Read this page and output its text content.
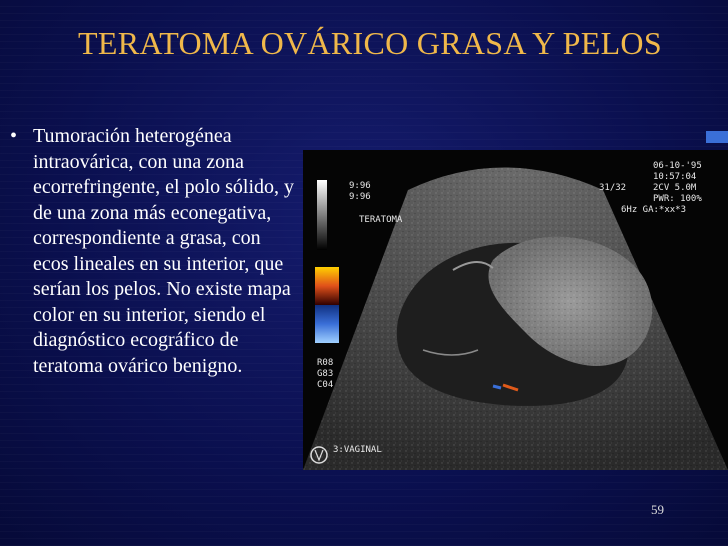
TERATOMA OVÁRICO GRASA Y PELOS
• Tumoración heterogénea intraovárica, con una zona ecorrefringente, el polo sólido, y de una zona más econegativa, correspondiente a grasa, con ecos lineales en su interior, que serían los pelos. No existe mapa color en su interior, siendo el diagnóstico ecográfico de teratoma ovárico benigno.
9:96
9:96
TERATOMA
06-10-'95
10:57:04
31/32	2CV 5.0M
PWR: 100%
6Hz GA:*xx*3
R08
G83
C04
3:VAGINAL
59
